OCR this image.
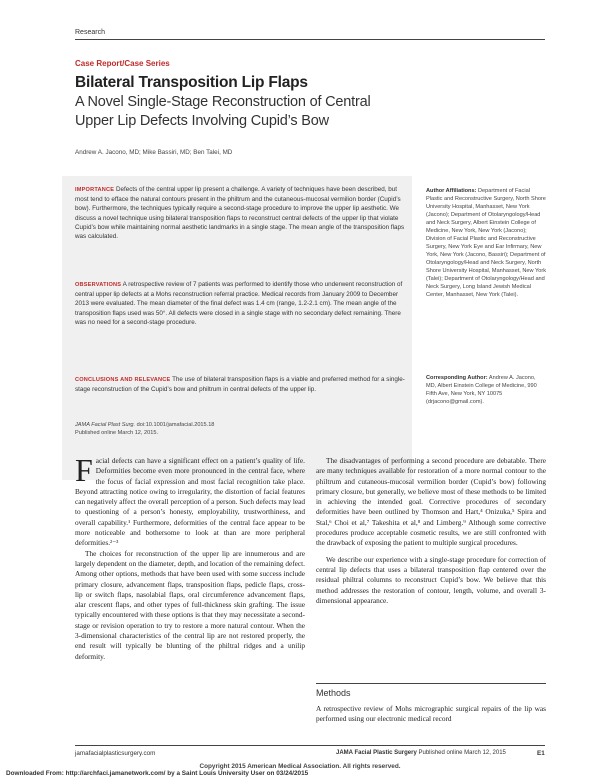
Research
Case Report/Case Series
Bilateral Transposition Lip Flaps
A Novel Single-Stage Reconstruction of Central
Upper Lip Defects Involving Cupid’s Bow
Andrew A. Jacono, MD; Mike Bassiri, MD; Ben Talei, MD

IMPORTANCE Defects of the central upper lip present a challenge. A variety of techniques have been described, but most tend to efface the natural contours present in the philtrum and the cutaneous-mucosal vermilion border (Cupid’s bow). Furthermore, the techniques typically require a second-stage procedure to improve the upper lip aesthetic. We discuss a novel technique using bilateral transposition flaps to reconstruct central defects of the upper lip that violate Cupid’s bow while maintaining normal aesthetic landmarks in a single stage. The mean angle of the transposition flaps was calculated.

OBSERVATIONS A retrospective review of 7 patients was performed to identify those who underwent reconstruction of central upper lip defects at a Mohs reconstruction referral practice. Medical records from January 2009 to December 2013 were evaluated. The mean diameter of the final defect was 1.4 cm (range, 1.2-2.1 cm). The mean angle of the transposition flaps used was 50°. All defects were closed in a single stage with no secondary defect remaining. There was no need for a second-stage procedure.

CONCLUSIONS AND RELEVANCE The use of bilateral transposition flaps is a viable and preferred method for a single-stage reconstruction of the Cupid’s bow and philtrum in central defects of the upper lip.

JAMA Facial Plast Surg. doi:10.1001/jamafacial.2015.18
Published online March 12, 2015.

Author Affiliations: Department of Facial Plastic and Reconstructive Surgery, North Shore University Hospital, Manhasset, New York (Jacono); Department of Otolaryngology/Head and Neck Surgery, Albert Einstein College of Medicine, New York, New York (Jacono); Division of Facial Plastic and Reconstructive Surgery, New York Eye and Ear Infirmary, New York, New York (Jacono, Bassiri); Department of Otolaryngology/Head and Neck Surgery, North Shore University Hospital, Manhasset, New York (Talei); Department of Otolaryngology/Head and Neck Surgery, Long Island Jewish Medical Center, Manhasset, New York (Talei).

Corresponding Author: Andrew A. Jacono, MD, Albert Einstein College of Medicine, 990 Fifth Ave, New York, NY 10075 (drjacono@gmail.com).

Facial defects can have a significant effect on a patient’s quality of life. Deformities become even more pronounced in the central face, where the focus of facial expression and most facial recognition take place. Beyond attracting notice owing to irregularity, the distortion of facial features can negatively affect the overall perception of a person. Such defects may lead to questioning of a person’s honesty, employability, trustworthiness, and overall capability.¹ Furthermore, deformities of the central face appear to be more noticeable and bothersome to look at than are more peripheral deformities.²⁻³

The choices for reconstruction of the upper lip are innumerous and are largely dependent on the diameter, depth, and location of the remaining defect. Among other options, methods that have been used with some success include primary closure, advancement flaps, transposition flaps, pedicle flaps, cross-lip or switch flaps, nasolabial flaps, oral circumference advancement flaps, alar crescent flaps, and other types of full-thickness skin grafting. The issue typically encountered with these options is that they may necessitate a second-stage or revision operation to try to restore a more natural contour. When the 3-dimensional characteristics of the central lip are not restored properly, the end result will typically be blunting of the philtral ridges and a unilip deformity.

The disadvantages of performing a second procedure are debatable. There are many techniques available for restoration of a more normal contour to the philtrum and cutaneous-mucosal vermilion border (Cupid’s bow) following primary closure, but generally, we believe most of these methods to be limited in achieving the intended goal. Corrective procedures of secondary deformities have been outlined by Thomson and Hart,⁴ Onizuka,⁵ Spira and Stal,⁶ Choi et al,⁷ Takeshita et al,⁸ and Limberg.⁹ Although some corrective procedures produce acceptable cosmetic results, we are still confronted with the drawback of exposing the patient to multiple surgical procedures.

We describe our experience with a single-stage procedure for correction of central lip defects that uses a bilateral transposition flap centered over the residual philtral columns to reconstruct Cupid’s bow. We believe that this method addresses the restoration of contour, length, volume, and overall 3-dimensional appearance.

Methods
A retrospective review of Mohs micrographic surgical repairs of the lip was performed using our electronic medical record
jamafacialplasticsurgery.com	JAMA Facial Plastic Surgery Published online March 12, 2015	E1
Copyright 2015 American Medical Association. All rights reserved.
Downloaded From: http://archfaci.jamanetwork.com/ by a Saint Louis University User on 03/24/2015
